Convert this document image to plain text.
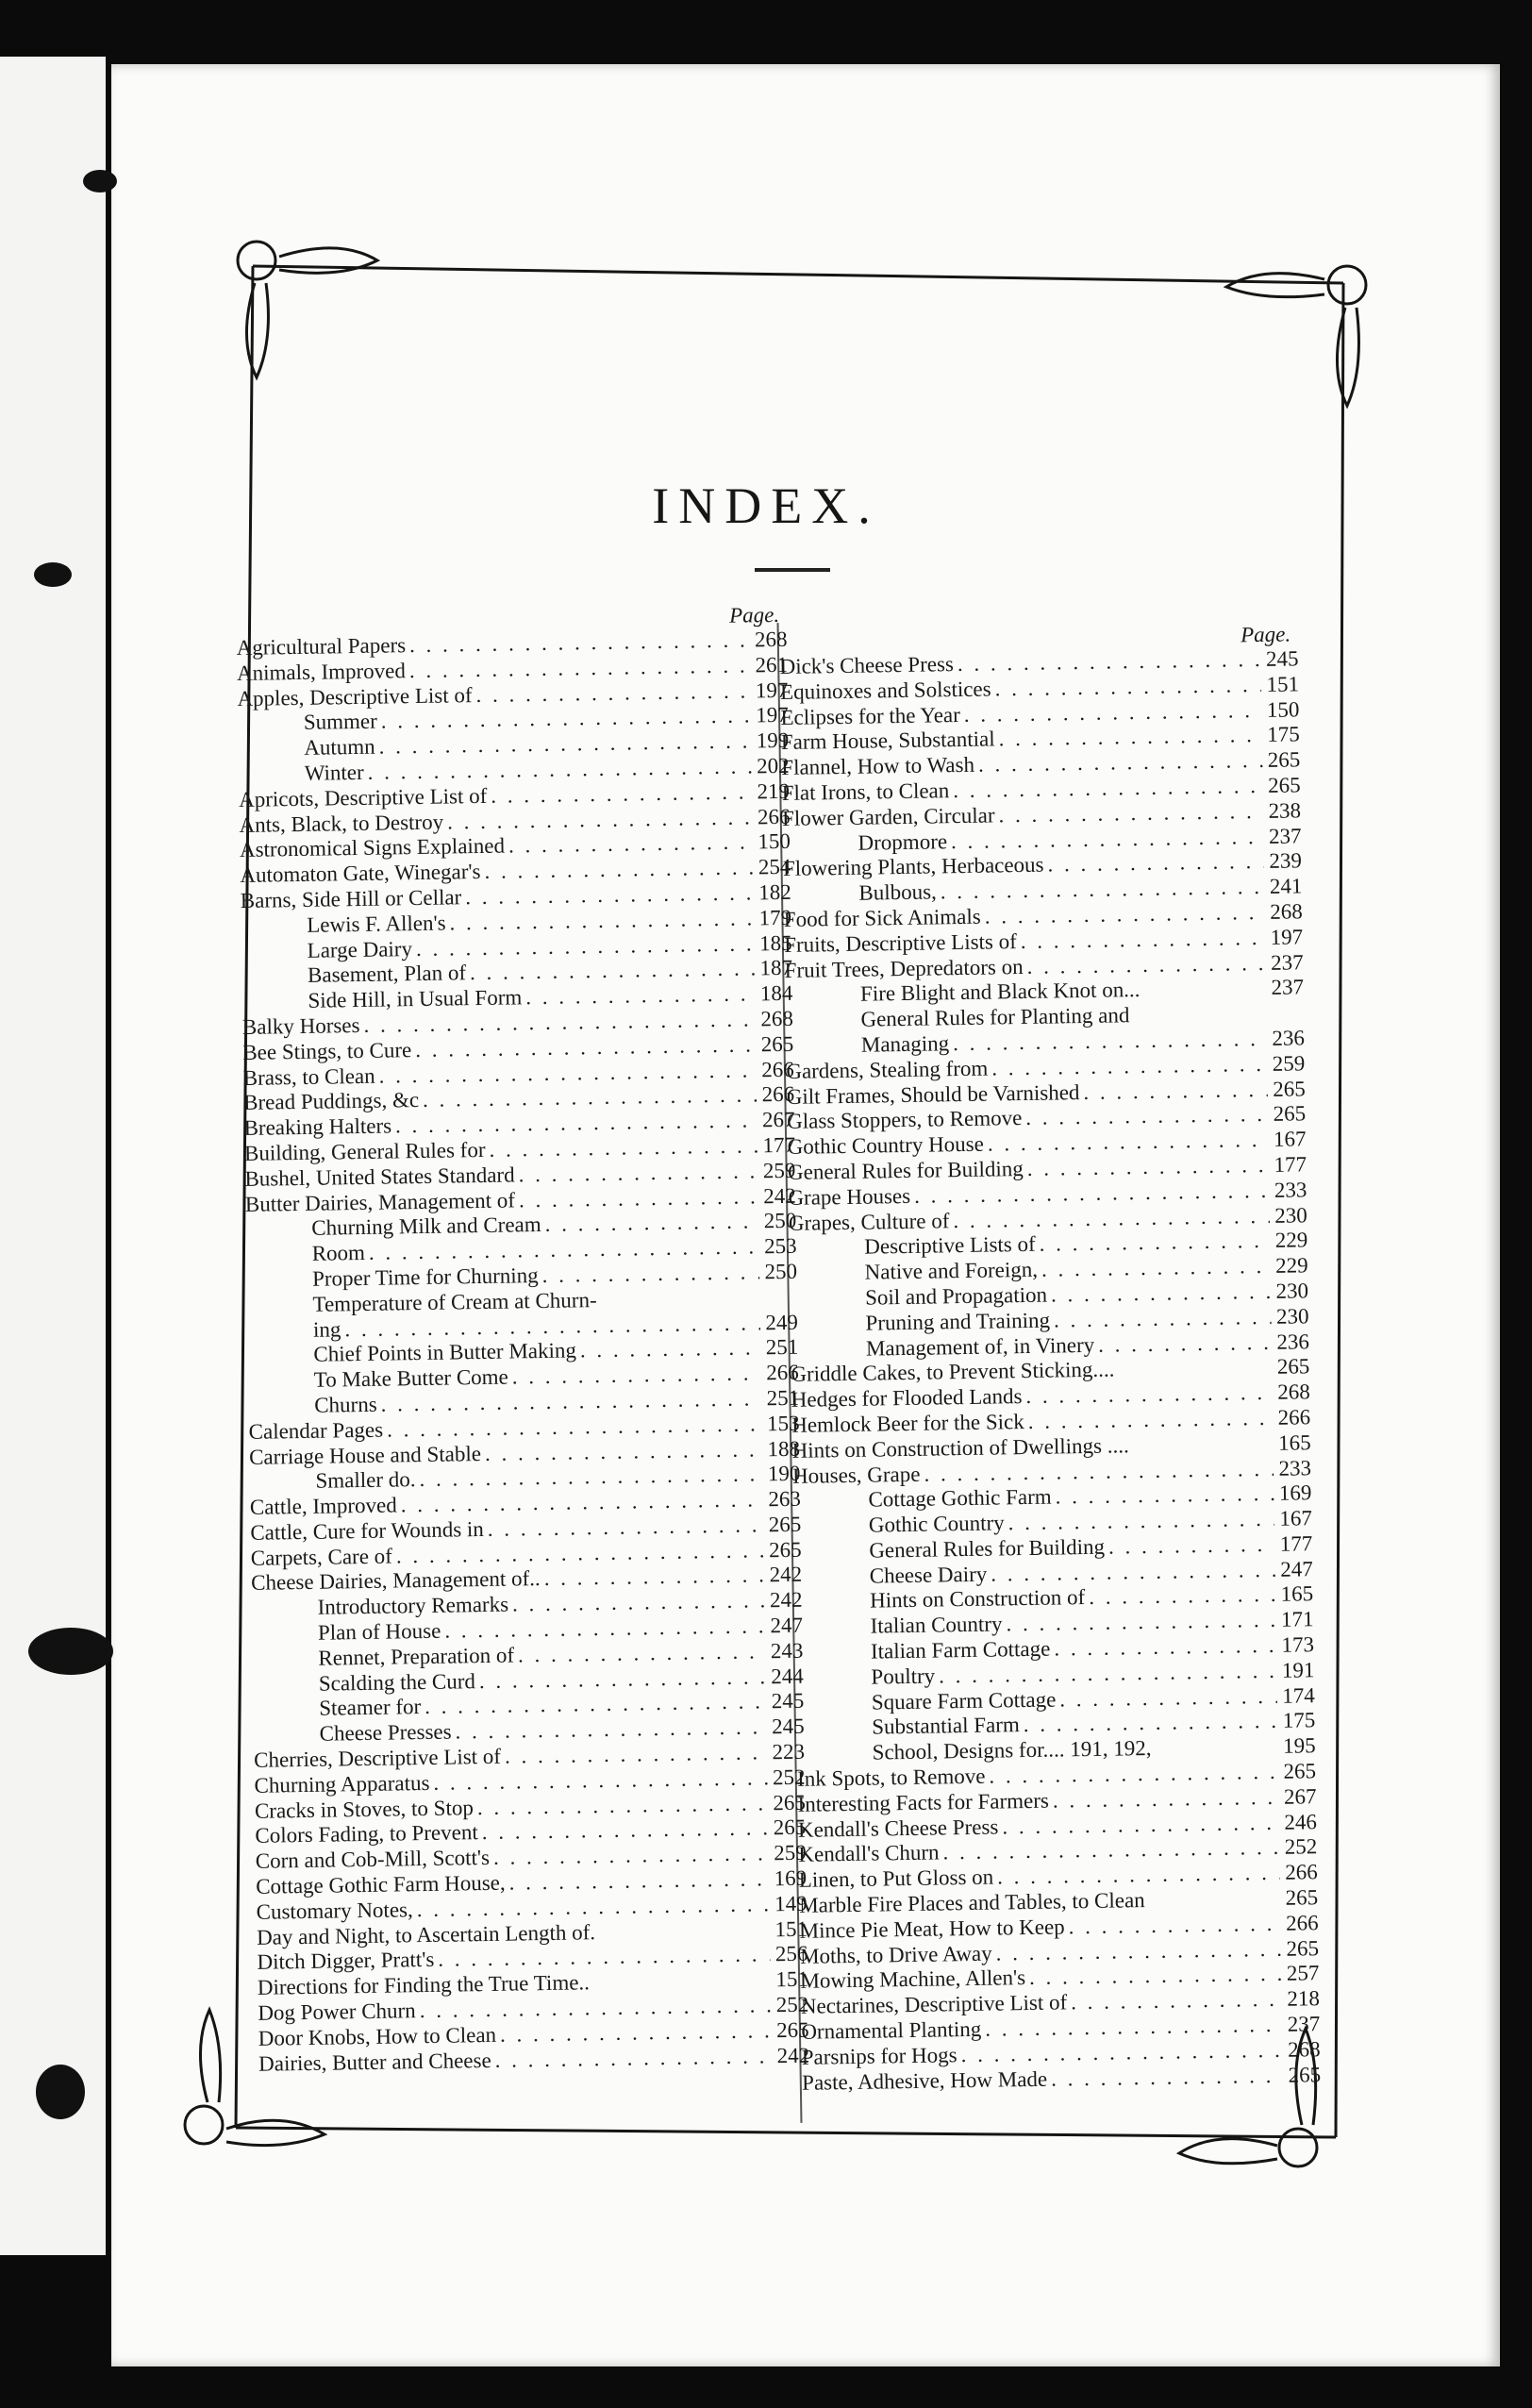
INDEX.
Page.
Agricultural Papers . . .	268
Animals, Improved . . .	261
Apples, Descriptive List of . . .	197
Summer . . .	197
Autumn . . .	199
Winter . . .	202
Apricots, Descriptive List of . . .	219
Ants, Black, to Destroy . . .	266
Astronomical Signs Explained . . .	150
Automaton Gate, Winegar's . . .	254
Barns, Side Hill or Cellar . . .	182
Lewis F. Allen's . . .	179
Large Dairy . . .	185
Basement, Plan of . . .	187
Side Hill, in Usual Form . . .	184
Balky Horses . . .	268
Bee Stings, to Cure . . .	265
Brass, to Clean . . .	266
Bread Puddings, &c . . .	266
Breaking Halters . . .	267
Building, General Rules for . . .	177
Bushel, United States Standard . . .	259
Butter Dairies, Management of . . .	242
Churning Milk and Cream . . .	250
Room . . .	253
Proper Time for Churning . . .	250
Temperature of Cream at Churn-
ing . . .	249
Chief Points in Butter Making . . .	251
To Make Butter Come . . .	266
Churns . . .	251
Calendar Pages . . .	153
Carriage House and Stable . . .	188
Smaller do. . . .	190
Cattle, Improved . . .	263
Cattle, Cure for Wounds in . . .	265
Carpets, Care of . . .	265
Cheese Dairies, Management of.. . . .	242
Introductory Remarks . . .	242
Plan of House . . .	247
Rennet, Preparation of . . .	243
Scalding the Curd . . .	244
Steamer for . . .	245
Cheese Presses . . .	245
Cherries, Descriptive List of . . .	223
Churning Apparatus . . .	252
Cracks in Stoves, to Stop . . .	265
Colors Fading, to Prevent . . .	265
Corn and Cob-Mill, Scott's . . .	259
Cottage Gothic Farm House, . . .	169
Customary Notes, . . .	149
Day and Night, to Ascertain Length of.	151
Ditch Digger, Pratt's . . .	256
Directions for Finding the True Time..	151
Dog Power Churn . . .	252
Door Knobs, How to Clean . . .	265
Dairies, Butter and Cheese . . .	242
Page.
Dick's Cheese Press . . .	245
Equinoxes and Solstices . . .	151
Eclipses for the Year . . .	150
Farm House, Substantial . . .	175
Flannel, How to Wash . . .	265
Flat Irons, to Clean . . .	265
Flower Garden, Circular . . .	238
Dropmore . . .	237
Flowering Plants, Herbaceous . . .	239
Bulbous, . . .	241
Food for Sick Animals . . .	268
Fruits, Descriptive Lists of . . .	197
Fruit Trees, Depredators on . . .	237
Fire Blight and Black Knot on...	237
General Rules for Planting and
Managing . . .	236
Gardens, Stealing from . . .	259
Gilt Frames, Should be Varnished . . .	265
Glass Stoppers, to Remove . . .	265
Gothic Country House . . .	167
General Rules for Building . . .	177
Grape Houses . . .	233
Grapes, Culture of . . .	230
Descriptive Lists of . . .	229
Native and Foreign, . . .	229
Soil and Propagation . . .	230
Pruning and Training . . .	230
Management of, in Vinery . . .	236
Griddle Cakes, to Prevent Sticking....	265
Hedges for Flooded Lands . . .	268
Hemlock Beer for the Sick . . .	266
Hints on Construction of Dwellings ....	165
Houses, Grape . . .	233
Cottage Gothic Farm . . .	169
Gothic Country . . .	167
General Rules for Building . . .	177
Cheese Dairy . . .	247
Hints on Construction of . . .	165
Italian Country . . .	171
Italian Farm Cottage . . .	173
Poultry . . .	191
Square Farm Cottage . . .	174
Substantial Farm . . .	175
School, Designs for.... 191, 192,	195
Ink Spots, to Remove . . .	265
Interesting Facts for Farmers . . .	267
Kendall's Cheese Press . . .	246
Kendall's Churn . . .	252
Linen, to Put Gloss on . . .	266
Marble Fire Places and Tables, to Clean	265
Mince Pie Meat, How to Keep . . .	266
Moths, to Drive Away . . .	265
Mowing Machine, Allen's . . .	257
Nectarines, Descriptive List of . . .	218
Ornamental Planting . . .	237
Parsnips for Hogs . . .	268
Paste, Adhesive, How Made . . .	265
